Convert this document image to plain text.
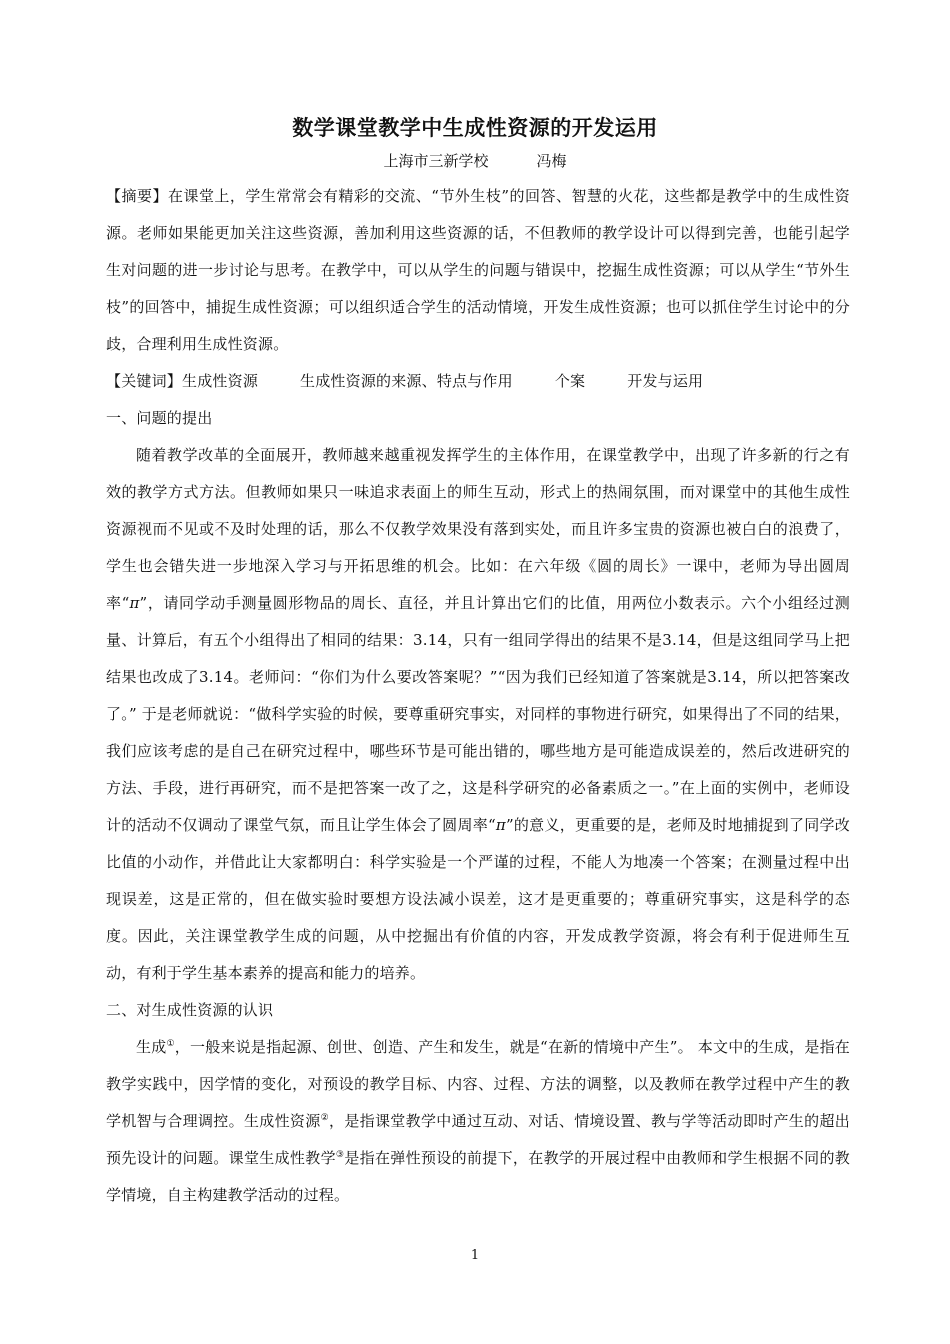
数学课堂教学中生成性资源的开发运用
上海市三新学校	冯梅

【摘要】在课堂上，学生常常会有精彩的交流、“节外生枝”的回答、智慧的火花，这些都是教学中的生成性资源。老师如果能更加关注这些资源，善加利用这些资源的话，不但教师的教学设计可以得到完善，也能引起学生对问题的进一步讨论与思考。在教学中，可以从学生的问题与错误中，挖掘生成性资源；可以从学生“节外生枝”的回答中，捕捉生成性资源；可以组织适合学生的活动情境，开发生成性资源；也可以抓住学生讨论中的分歧，合理利用生成性资源。

【关键词】生成性资源	生成性资源的来源、特点与作用	个案	开发与运用

一、问题的提出

随着教学改革的全面展开，教师越来越重视发挥学生的主体作用，在课堂教学中，出现了许多新的行之有效的教学方式方法。但教师如果只一味追求表面上的师生互动，形式上的热闹氛围，而对课堂中的其他生成性资源视而不见或不及时处理的话，那么不仅教学效果没有落到实处，而且许多宝贵的资源也被白白的浪费了，学生也会错失进一步地深入学习与开拓思维的机会。比如：在六年级《圆的周长》一课中，老师为导出圆周率“π”，请同学动手测量圆形物品的周长、直径，并且计算出它们的比值，用两位小数表示。六个小组经过测量、计算后，有五个小组得出了相同的结果：3.14，只有一组同学得出的结果不是3.14，但是这组同学马上把结果也改成了3.14。老师问：“你们为什么要改答案呢？”“因为我们已经知道了答案就是3.14，所以把答案改了。” 于是老师就说：“做科学实验的时候，要尊重研究事实，对同样的事物进行研究，如果得出了不同的结果，我们应该考虑的是自己在研究过程中，哪些环节是可能出错的，哪些地方是可能造成误差的，然后改进研究的方法、手段，进行再研究，而不是把答案一改了之，这是科学研究的必备素质之一。”在上面的实例中，老师设计的活动不仅调动了课堂气氛，而且让学生体会了圆周率“π”的意义，更重要的是，老师及时地捕捉到了同学改比值的小动作，并借此让大家都明白：科学实验是一个严谨的过程，不能人为地凑一个答案；在测量过程中出现误差，这是正常的，但在做实验时要想方设法减小误差，这才是更重要的；尊重研究事实，这是科学的态度。因此，关注课堂教学生成的问题，从中挖掘出有价值的内容，开发成教学资源，将会有利于促进师生互动，有利于学生基本素养的提高和能力的培养。

二、对生成性资源的认识

生成①，一般来说是指起源、创世、创造、产生和发生，就是“在新的情境中产生”。 本文中的生成，是指在教学实践中，因学情的变化，对预设的教学目标、内容、过程、方法的调整，以及教师在教学过程中产生的教学机智与合理调控。生成性资源②，是指课堂教学中通过互动、对话、情境设置、教与学等活动即时产生的超出预先设计的问题。课堂生成性教学③是指在弹性预设的前提下，在教学的开展过程中由教师和学生根据不同的教学情境，自主构建教学活动的过程。

1
